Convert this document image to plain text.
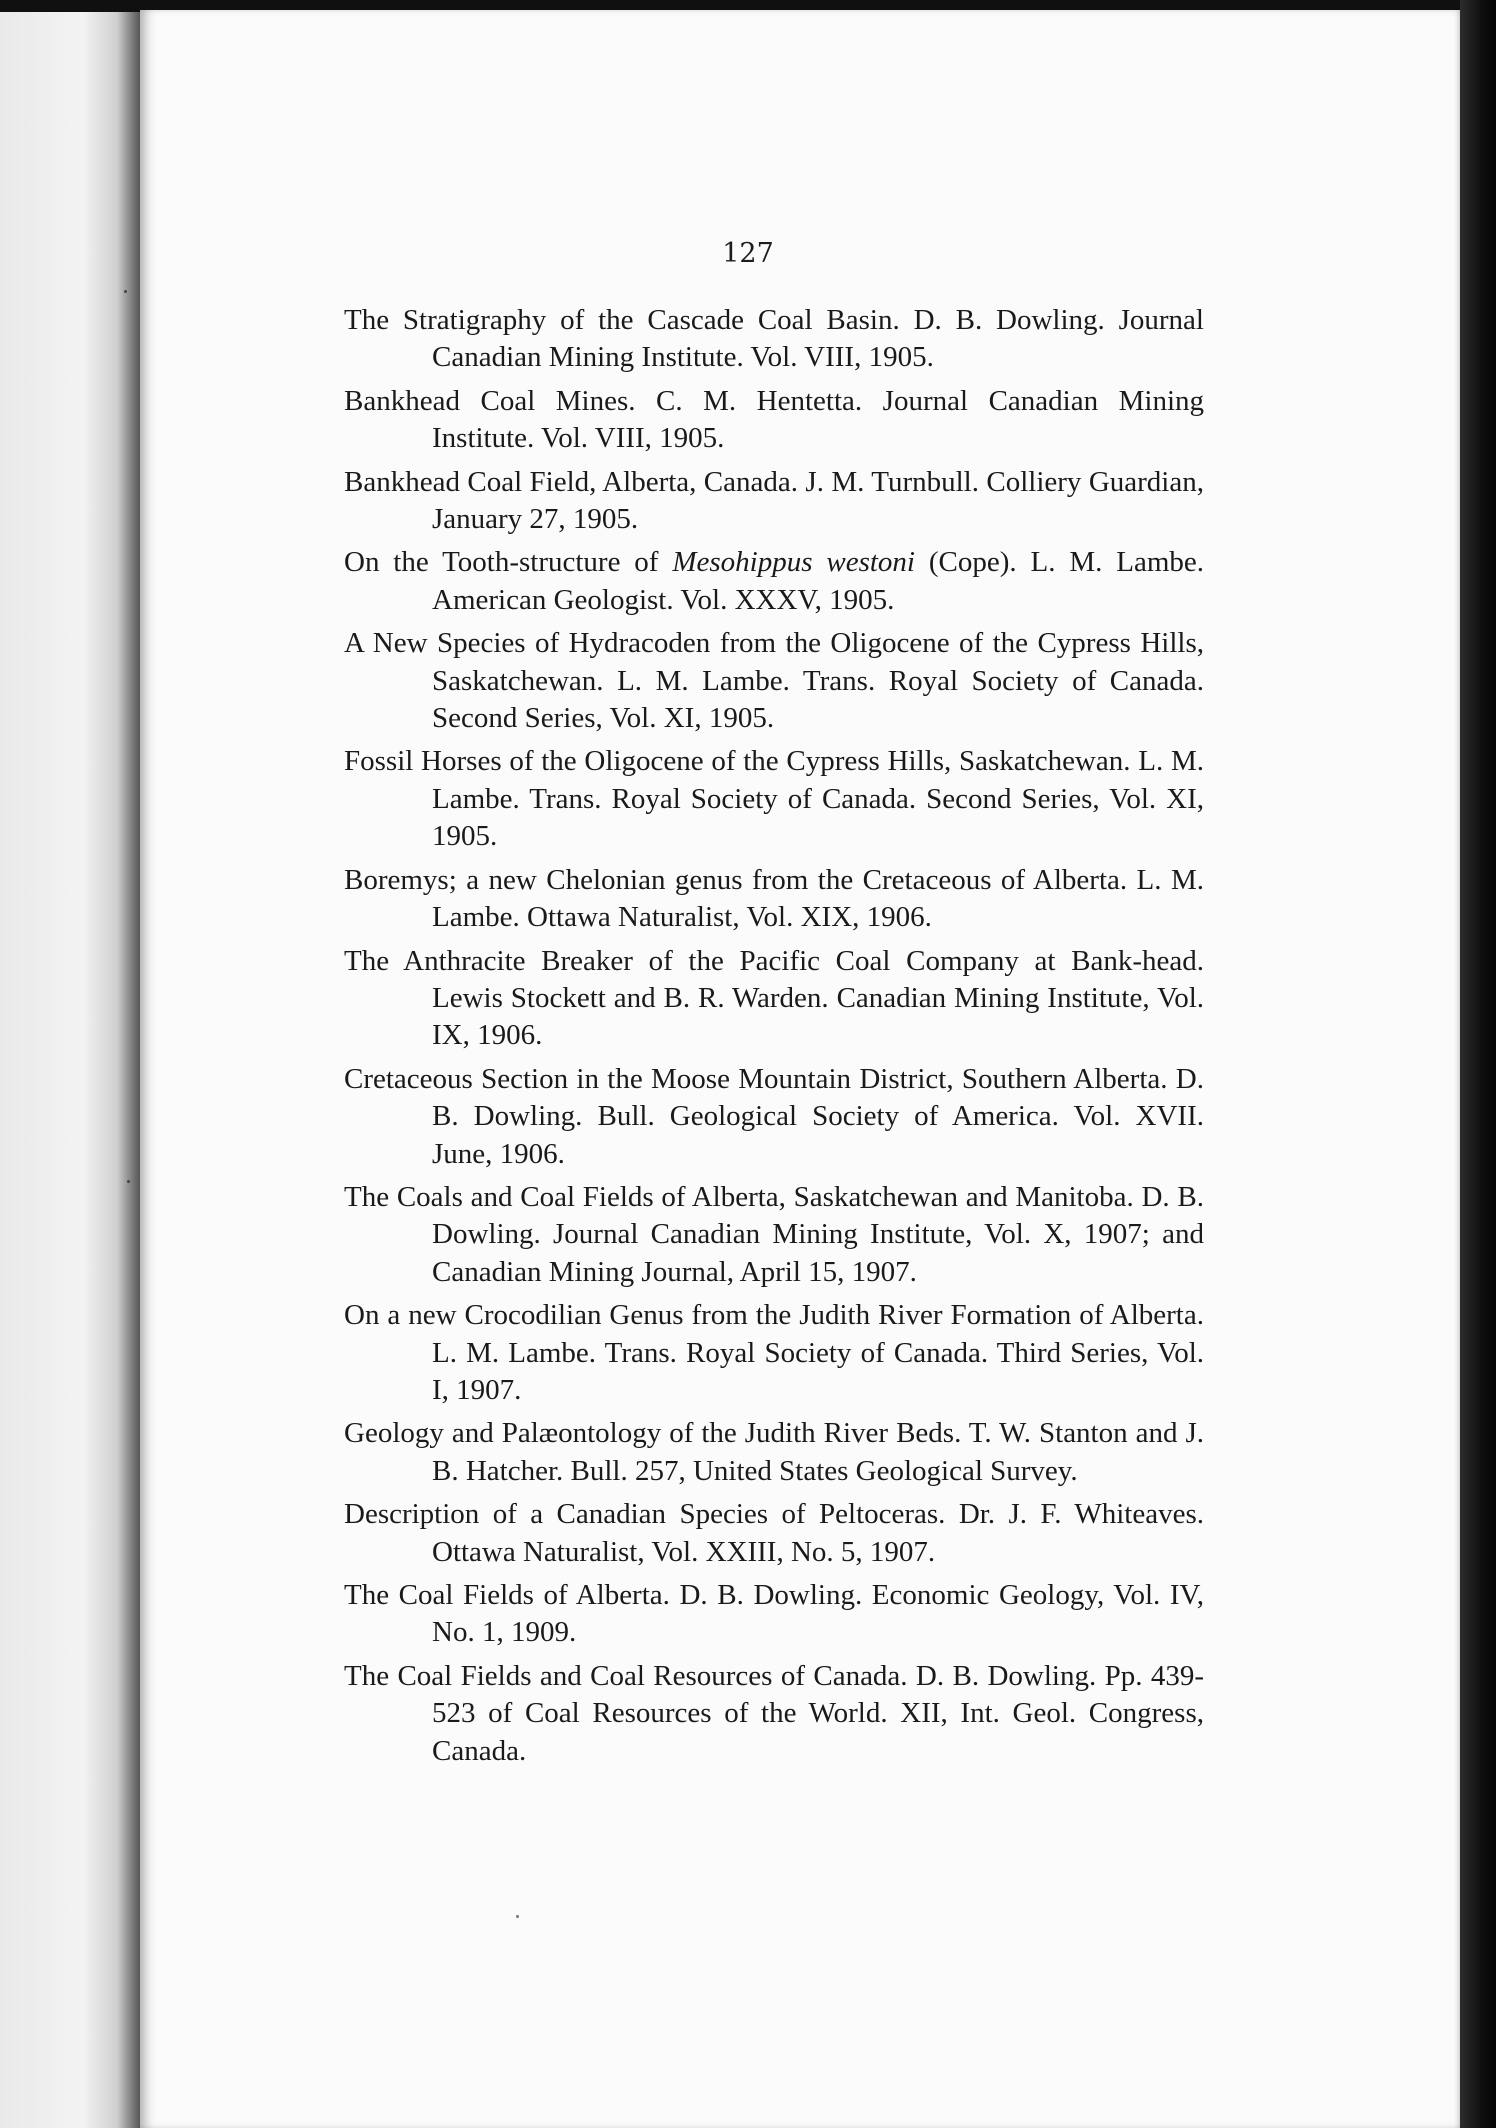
127
The Stratigraphy of the Cascade Coal Basin. D. B. Dowling. Journal Canadian Mining Institute. Vol. VIII, 1905.
Bankhead Coal Mines. C. M. Hentetta. Journal Canadian Mining Institute. Vol. VIII, 1905.
Bankhead Coal Field, Alberta, Canada. J. M. Turnbull. Colliery Guardian, January 27, 1905.
On the Tooth-structure of Mesohippus westoni (Cope). L. M. Lambe. American Geologist. Vol. XXXV, 1905.
A New Species of Hydracoden from the Oligocene of the Cypress Hills, Saskatchewan. L. M. Lambe. Trans. Royal Society of Canada. Second Series, Vol. XI, 1905.
Fossil Horses of the Oligocene of the Cypress Hills, Saskatchewan. L. M. Lambe. Trans. Royal Society of Canada. Second Series, Vol. XI, 1905.
Boremys; a new Chelonian genus from the Cretaceous of Alberta. L. M. Lambe. Ottawa Naturalist, Vol. XIX, 1906.
The Anthracite Breaker of the Pacific Coal Company at Bank-head. Lewis Stockett and B. R. Warden. Canadian Mining Institute, Vol. IX, 1906.
Cretaceous Section in the Moose Mountain District, Southern Alberta. D. B. Dowling. Bull. Geological Society of America. Vol. XVII. June, 1906.
The Coals and Coal Fields of Alberta, Saskatchewan and Manitoba. D. B. Dowling. Journal Canadian Mining Institute, Vol. X, 1907; and Canadian Mining Journal, April 15, 1907.
On a new Crocodilian Genus from the Judith River Formation of Alberta. L. M. Lambe. Trans. Royal Society of Canada. Third Series, Vol. I, 1907.
Geology and Palæontology of the Judith River Beds. T. W. Stanton and J. B. Hatcher. Bull. 257, United States Geological Survey.
Description of a Canadian Species of Peltoceras. Dr. J. F. Whiteaves. Ottawa Naturalist, Vol. XXIII, No. 5, 1907.
The Coal Fields of Alberta. D. B. Dowling. Economic Geology, Vol. IV, No. 1, 1909.
The Coal Fields and Coal Resources of Canada. D. B. Dowling. Pp. 439-523 of Coal Resources of the World. XII, Int. Geol. Congress, Canada.
